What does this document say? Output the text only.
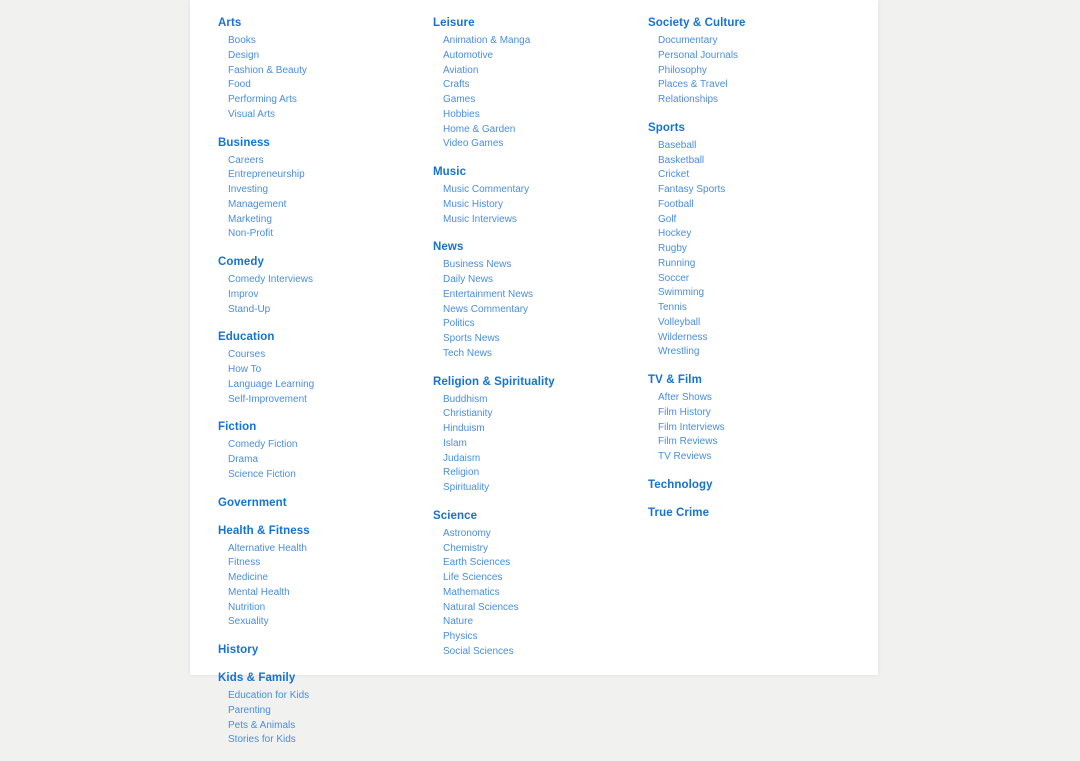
Arts
Books
Design
Fashion & Beauty
Food
Performing Arts
Visual Arts
Business
Careers
Entrepreneurship
Investing
Management
Marketing
Non-Profit
Comedy
Comedy Interviews
Improv
Stand-Up
Education
Courses
How To
Language Learning
Self-Improvement
Fiction
Comedy Fiction
Drama
Science Fiction
Government
Health & Fitness
Alternative Health
Fitness
Medicine
Mental Health
Nutrition
Sexuality
History
Kids & Family
Education for Kids
Parenting
Pets & Animals
Stories for Kids
Leisure
Animation & Manga
Automotive
Aviation
Crafts
Games
Hobbies
Home & Garden
Video Games
Music
Music Commentary
Music History
Music Interviews
News
Business News
Daily News
Entertainment News
News Commentary
Politics
Sports News
Tech News
Religion & Spirituality
Buddhism
Christianity
Hinduism
Islam
Judaism
Religion
Spirituality
Science
Astronomy
Chemistry
Earth Sciences
Life Sciences
Mathematics
Natural Sciences
Nature
Physics
Social Sciences
Society & Culture
Documentary
Personal Journals
Philosophy
Places & Travel
Relationships
Sports
Baseball
Basketball
Cricket
Fantasy Sports
Football
Golf
Hockey
Rugby
Running
Soccer
Swimming
Tennis
Volleyball
Wilderness
Wrestling
TV & Film
After Shows
Film History
Film Interviews
Film Reviews
TV Reviews
Technology
True Crime
